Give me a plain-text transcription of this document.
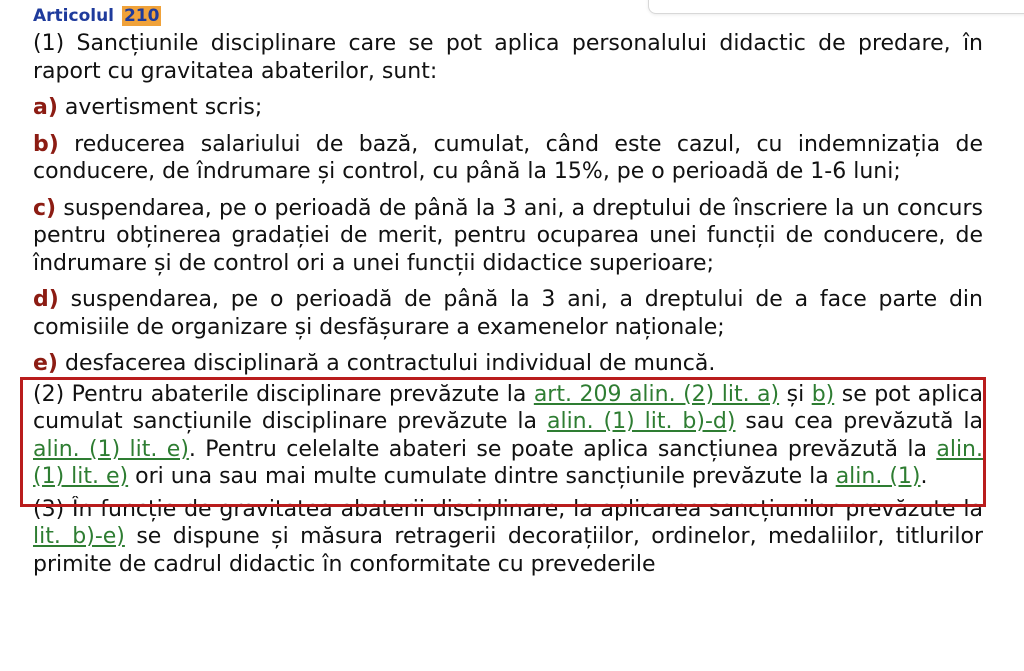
Articolul 210

(1) Sancțiunile disciplinare care se pot aplica personalului didactic de predare, în raport cu gravitatea abaterilor, sunt:

a) avertisment scris;

b) reducerea salariului de bază, cumulat, când este cazul, cu indemnizația de conducere, de îndrumare și control, cu până la 15%, pe o perioadă de 1-6 luni;

c) suspendarea, pe o perioadă de până la 3 ani, a dreptului de înscriere la un concurs pentru obținerea gradației de merit, pentru ocuparea unei funcții de conducere, de îndrumare și de control ori a unei funcții didactice superioare;

d) suspendarea, pe o perioadă de până la 3 ani, a dreptului de a face parte din comisiile de organizare și desfășurare a examenelor naționale;

e) desfacerea disciplinară a contractului individual de muncă.

(2) Pentru abaterile disciplinare prevăzute la art. 209 alin. (2) lit. a) și b) se pot aplica cumulat sancțiunile disciplinare prevăzute la alin. (1) lit. b)-d) sau cea prevăzută la alin. (1) lit. e). Pentru celelalte abateri se poate aplica sancțiunea prevăzută la alin. (1) lit. e) ori una sau mai multe cumulate dintre sancțiunile prevăzute la alin. (1).

(3) În funcție de gravitatea abaterii disciplinare, la aplicarea sancțiunilor prevăzute la lit. b)-e) se dispune și măsura retragerii decorațiilor, ordinelor, medaliilor, titlurilor primite de cadrul didactic în conformitate cu prevederile
